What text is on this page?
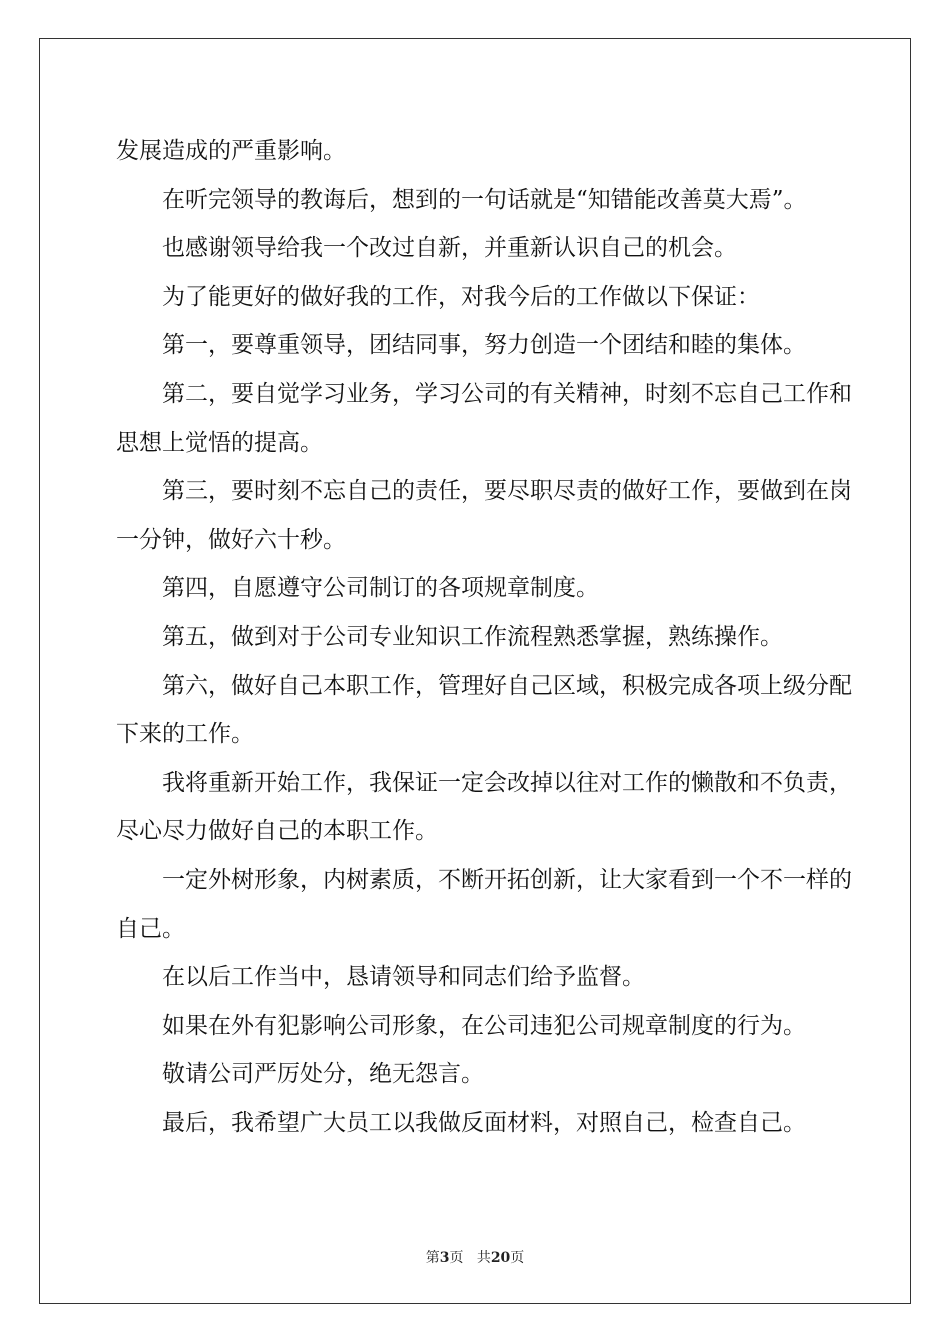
发展造成的严重影响。

在听完领导的教诲后，想到的一句话就是“知错能改善莫大焉”。

也感谢领导给我一个改过自新，并重新认识自己的机会。

为了能更好的做好我的工作，对我今后的工作做以下保证：

第一，要尊重领导，团结同事，努力创造一个团结和睦的集体。

第二，要自觉学习业务，学习公司的有关精神，时刻不忘自己工作和思想上觉悟的提高。

第三，要时刻不忘自己的责任，要尽职尽责的做好工作，要做到在岗一分钟，做好六十秒。

第四，自愿遵守公司制订的各项规章制度。

第五，做到对于公司专业知识工作流程熟悉掌握，熟练操作。

第六，做好自己本职工作，管理好自己区域，积极完成各项上级分配下来的工作。

我将重新开始工作，我保证一定会改掉以往对工作的懒散和不负责，尽心尽力做好自己的本职工作。

一定外树形象，内树素质，不断开拓创新，让大家看到一个不一样的自己。

在以后工作当中，恳请领导和同志们给予监督。

如果在外有犯影响公司形象，在公司违犯公司规章制度的行为。

敬请公司严厉处分，绝无怨言。

最后，我希望广大员工以我做反面材料，对照自己，检查自己。

第3页 共20页
